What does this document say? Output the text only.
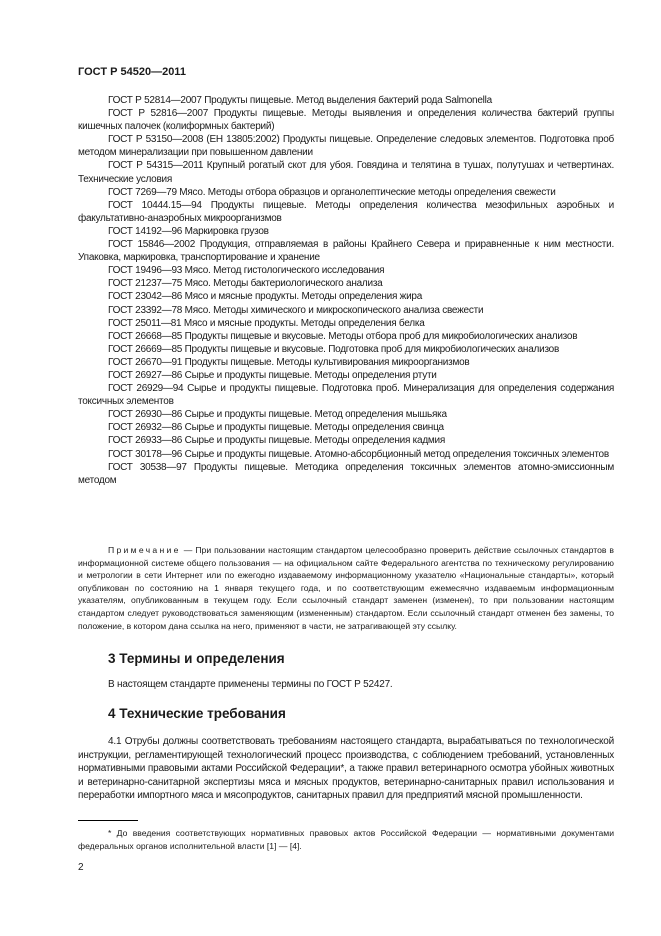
ГОСТ Р 54520—2011

ГОСТ Р 52814—2007 Продукты пищевые. Метод выделения бактерий рода Salmonella

ГОСТ Р 52816—2007 Продукты пищевые. Методы выявления и определения количества бактерий группы кишечных палочек (колиформных бактерий)

ГОСТ Р 53150—2008 (ЕН 13805:2002) Продукты пищевые. Определение следовых элементов. Подготовка проб методом минерализации при повышенном давлении

ГОСТ Р 54315—2011 Крупный рогатый скот для убоя. Говядина и телятина в тушах, полутушах и четвертинах. Технические условия

ГОСТ 7269—79 Мясо. Методы отбора образцов и органолептические методы определения свежести

ГОСТ 10444.15—94 Продукты пищевые. Методы определения количества мезофильных аэробных и факультативно-анаэробных микроорганизмов

ГОСТ 14192—96 Маркировка грузов

ГОСТ 15846—2002 Продукция, отправляемая в районы Крайнего Севера и приравненные к ним местности. Упаковка, маркировка, транспортирование и хранение

ГОСТ 19496—93 Мясо. Метод гистологического исследования

ГОСТ 21237—75 Мясо. Методы бактериологического анализа

ГОСТ 23042—86 Мясо и мясные продукты. Методы определения жира

ГОСТ 23392—78 Мясо. Методы химического и микроскопического анализа свежести

ГОСТ 25011—81 Мясо и мясные продукты. Методы определения белка

ГОСТ 26668—85 Продукты пищевые и вкусовые. Методы отбора проб для микробиологических анализов

ГОСТ 26669—85 Продукты пищевые и вкусовые. Подготовка проб для микробиологических анализов

ГОСТ 26670—91 Продукты пищевые. Методы культивирования микроорганизмов

ГОСТ 26927—86 Сырье и продукты пищевые. Методы определения ртути

ГОСТ 26929—94 Сырье и продукты пищевые. Подготовка проб. Минерализация для определения содержания токсичных элементов

ГОСТ 26930—86 Сырье и продукты пищевые. Метод определения мышьяка

ГОСТ 26932—86 Сырье и продукты пищевые. Методы определения свинца

ГОСТ 26933—86 Сырье и продукты пищевые. Методы определения кадмия

ГОСТ 30178—96 Сырье и продукты пищевые. Атомно-абсорбционный метод определения токсичных элементов

ГОСТ 30538—97 Продукты пищевые. Методика определения токсичных элементов атомно-эмиссионным методом

Примечание — При пользовании настоящим стандартом целесообразно проверить действие ссылочных стандартов в информационной системе общего пользования — на официальном сайте Федерального агентства по техническому регулированию и метрологии в сети Интернет или по ежегодно издаваемому информационному указателю «Национальные стандарты», который опубликован по состоянию на 1 января текущего года, и по соответствующим ежемесячно издаваемым информационным указателям, опубликованным в текущем году. Если ссылочный стандарт заменен (изменен), то при пользовании настоящим стандартом следует руководствоваться заменяющим (измененным) стандартом. Если ссылочный стандарт отменен без замены, то положение, в котором дана ссылка на него, применяют в части, не затрагивающей эту ссылку.

3 Термины и определения

В настоящем стандарте применены термины по ГОСТ Р 52427.

4 Технические требования

4.1 Отрубы должны соответствовать требованиям настоящего стандарта, вырабатываться по технологической инструкции, регламентирующей технологический процесс производства, с соблюдением требований, установленных нормативными правовыми актами Российской Федерации*, а также правил ветеринарного осмотра убойных животных и ветеринарно-санитарной экспертизы мяса и мясных продуктов, ветеринарно-санитарных правил использования и переработки импортного мяса и мясопродуктов, санитарных правил для предприятий мясной промышленности.

* До введения соответствующих нормативных правовых актов Российской Федерации — нормативными документами федеральных органов исполнительной власти [1] — [4].

2
